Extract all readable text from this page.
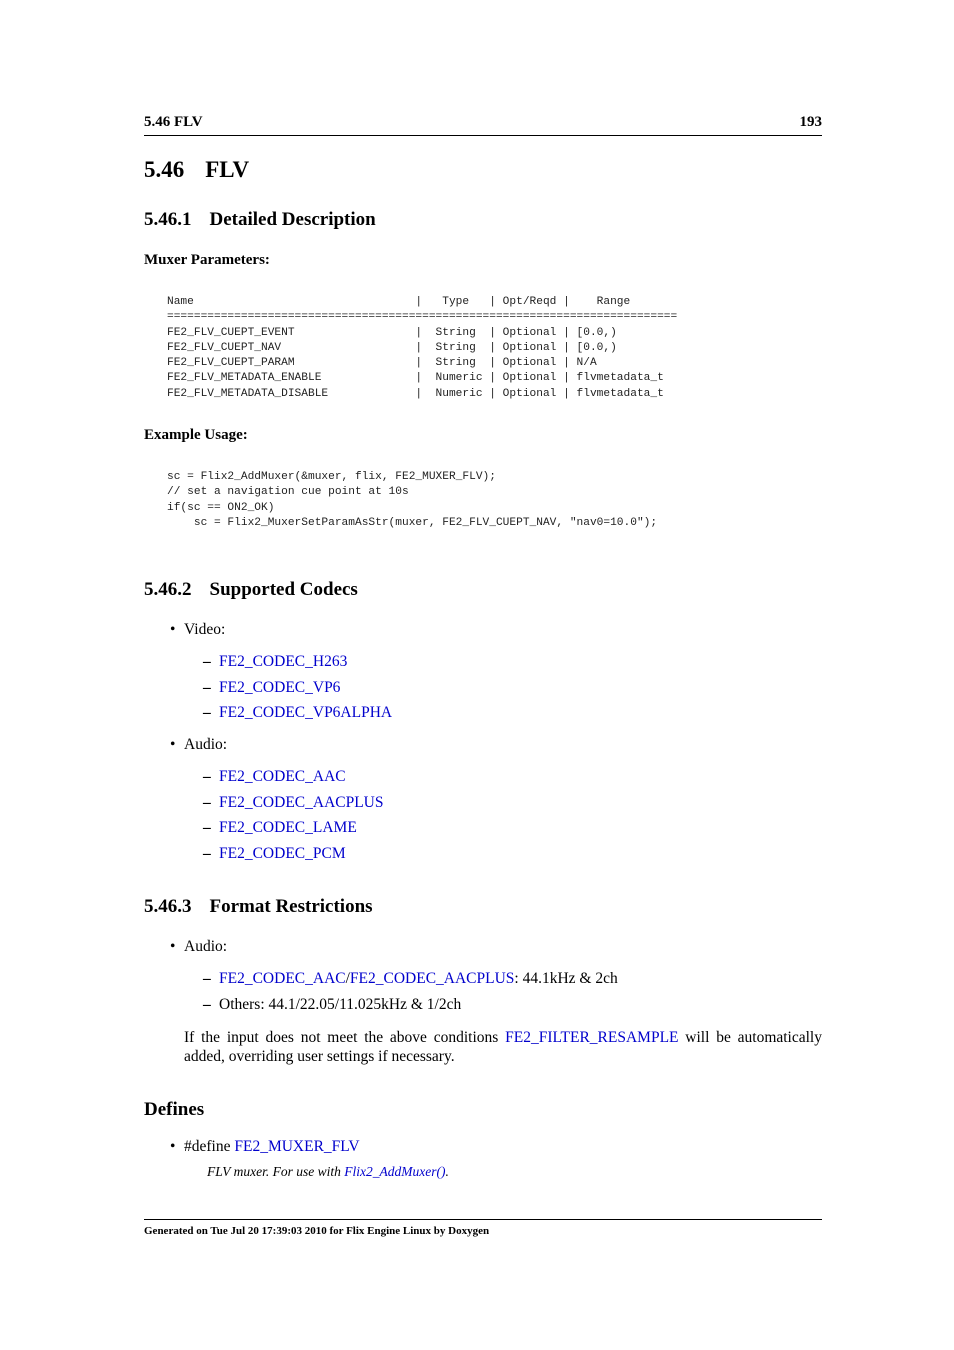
5.46 FLV	193
5.46 FLV
5.46.1 Detailed Description
Muxer Parameters:
Name                                 |   Type   | Opt/Reqd |    Range
============================================================================
FE2_FLV_CUEPT_EVENT                  |  String  | Optional | [0.0,)
FE2_FLV_CUEPT_NAV                    |  String  | Optional | [0.0,)
FE2_FLV_CUEPT_PARAM                  |  String  | Optional | N/A
FE2_FLV_METADATA_ENABLE              |  Numeric | Optional | flvmetadata_t
FE2_FLV_METADATA_DISABLE             |  Numeric | Optional | flvmetadata_t
Example Usage:
sc = Flix2_AddMuxer(&muxer, flix, FE2_MUXER_FLV);
// set a navigation cue point at 10s
if(sc == ON2_OK)
sc = Flix2_MuxerSetParamAsStr(muxer, FE2_FLV_CUEPT_NAV, "nav0=10.0");
5.46.2 Supported Codecs
• Video:
– FE2_CODEC_H263
– FE2_CODEC_VP6
– FE2_CODEC_VP6ALPHA
• Audio:
– FE2_CODEC_AAC
– FE2_CODEC_AACPLUS
– FE2_CODEC_LAME
– FE2_CODEC_PCM
5.46.3 Format Restrictions
• Audio:
– FE2_CODEC_AAC/FE2_CODEC_AACPLUS: 44.1kHz & 2ch
– Others: 44.1/22.05/11.025kHz & 1/2ch
If the input does not meet the above conditions FE2_FILTER_RESAMPLE will be automatically added, overriding user settings if necessary.
Defines
• #define FE2_MUXER_FLV
FLV muxer. For use with Flix2_AddMuxer().
Generated on Tue Jul 20 17:39:03 2010 for Flix Engine Linux by Doxygen
